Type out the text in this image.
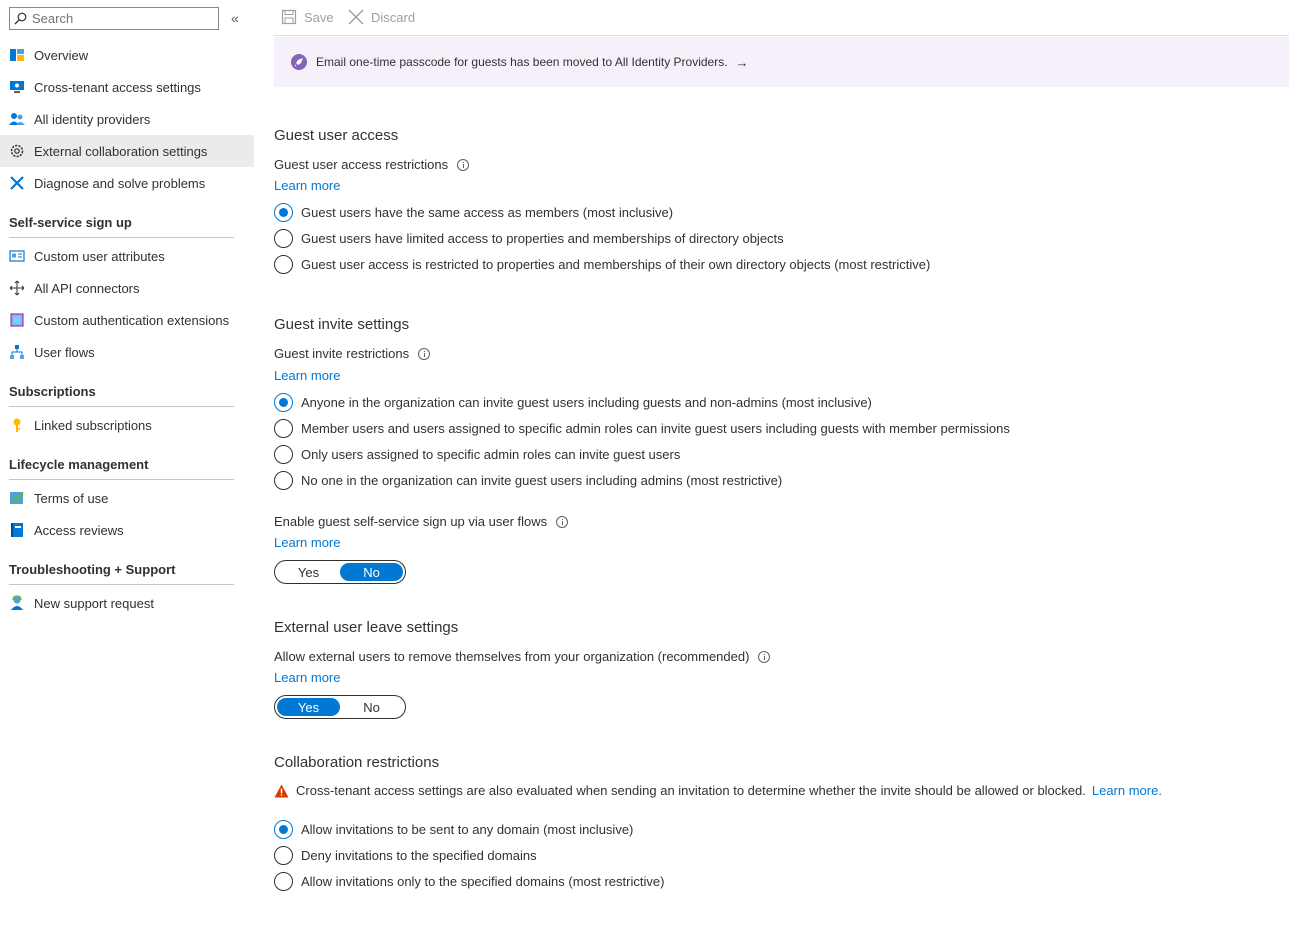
Search
«
Overview
Cross-tenant access settings
All identity providers
External collaboration settings
Diagnose and solve problems
Self-service sign up
Custom user attributes
All API connectors
Custom authentication extensions
User flows
Subscriptions
Linked subscriptions
Lifecycle management
Terms of use
Access reviews
Troubleshooting + Support
New support request
Save	Discard
Email one-time passcode for guests has been moved to All Identity Providers. →
Guest user access
Guest user access restrictions
Learn more
Guest users have the same access as members (most inclusive)
Guest users have limited access to properties and memberships of directory objects
Guest user access is restricted to properties and memberships of their own directory objects (most restrictive)
Guest invite settings
Guest invite restrictions
Learn more
Anyone in the organization can invite guest users including guests and non-admins (most inclusive)
Member users and users assigned to specific admin roles can invite guest users including guests with member permissions
Only users assigned to specific admin roles can invite guest users
No one in the organization can invite guest users including admins (most restrictive)
Enable guest self-service sign up via user flows
Learn more
Yes	No
External user leave settings
Allow external users to remove themselves from your organization (recommended)
Learn more
Yes	No
Collaboration restrictions
Cross-tenant access settings are also evaluated when sending an invitation to determine whether the invite should be allowed or blocked. Learn more.
Allow invitations to be sent to any domain (most inclusive)
Deny invitations to the specified domains
Allow invitations only to the specified domains (most restrictive)
